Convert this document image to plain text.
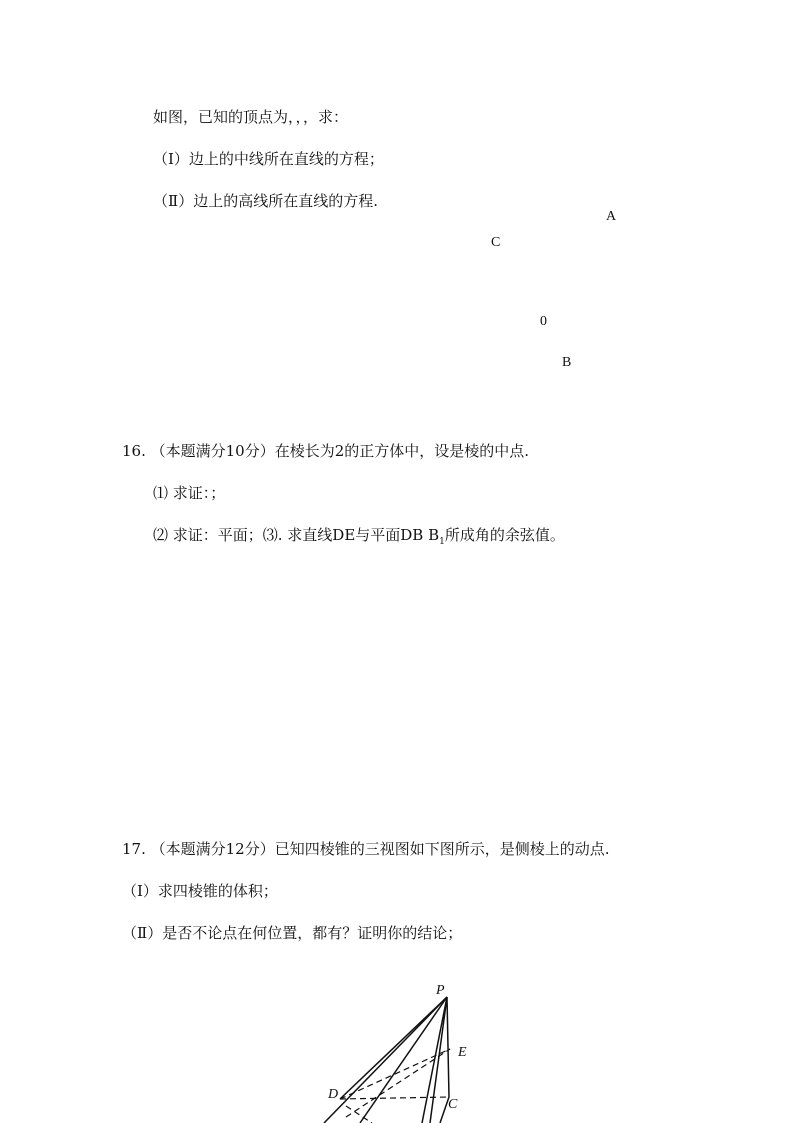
如图，已知的顶点为，，，求：
（Ⅰ）边上的中线所在直线的方程；
（Ⅱ）边上的高线所在直线的方程.
A
C
0
B
16. （本题满分10分）在棱长为2的正方体中，设是棱的中点.
⑴ 求证：；
⑵ 求证：平面；⑶. 求直线DE与平面DB $B_1$所成角的余弦值。
17. （本题满分12分）已知四棱锥的三视图如下图所示，是侧棱上的动点.
（Ⅰ）求四棱锥的体积；
（Ⅱ）是否不论点在何位置，都有？证明你的结论；
P
E
D
C
